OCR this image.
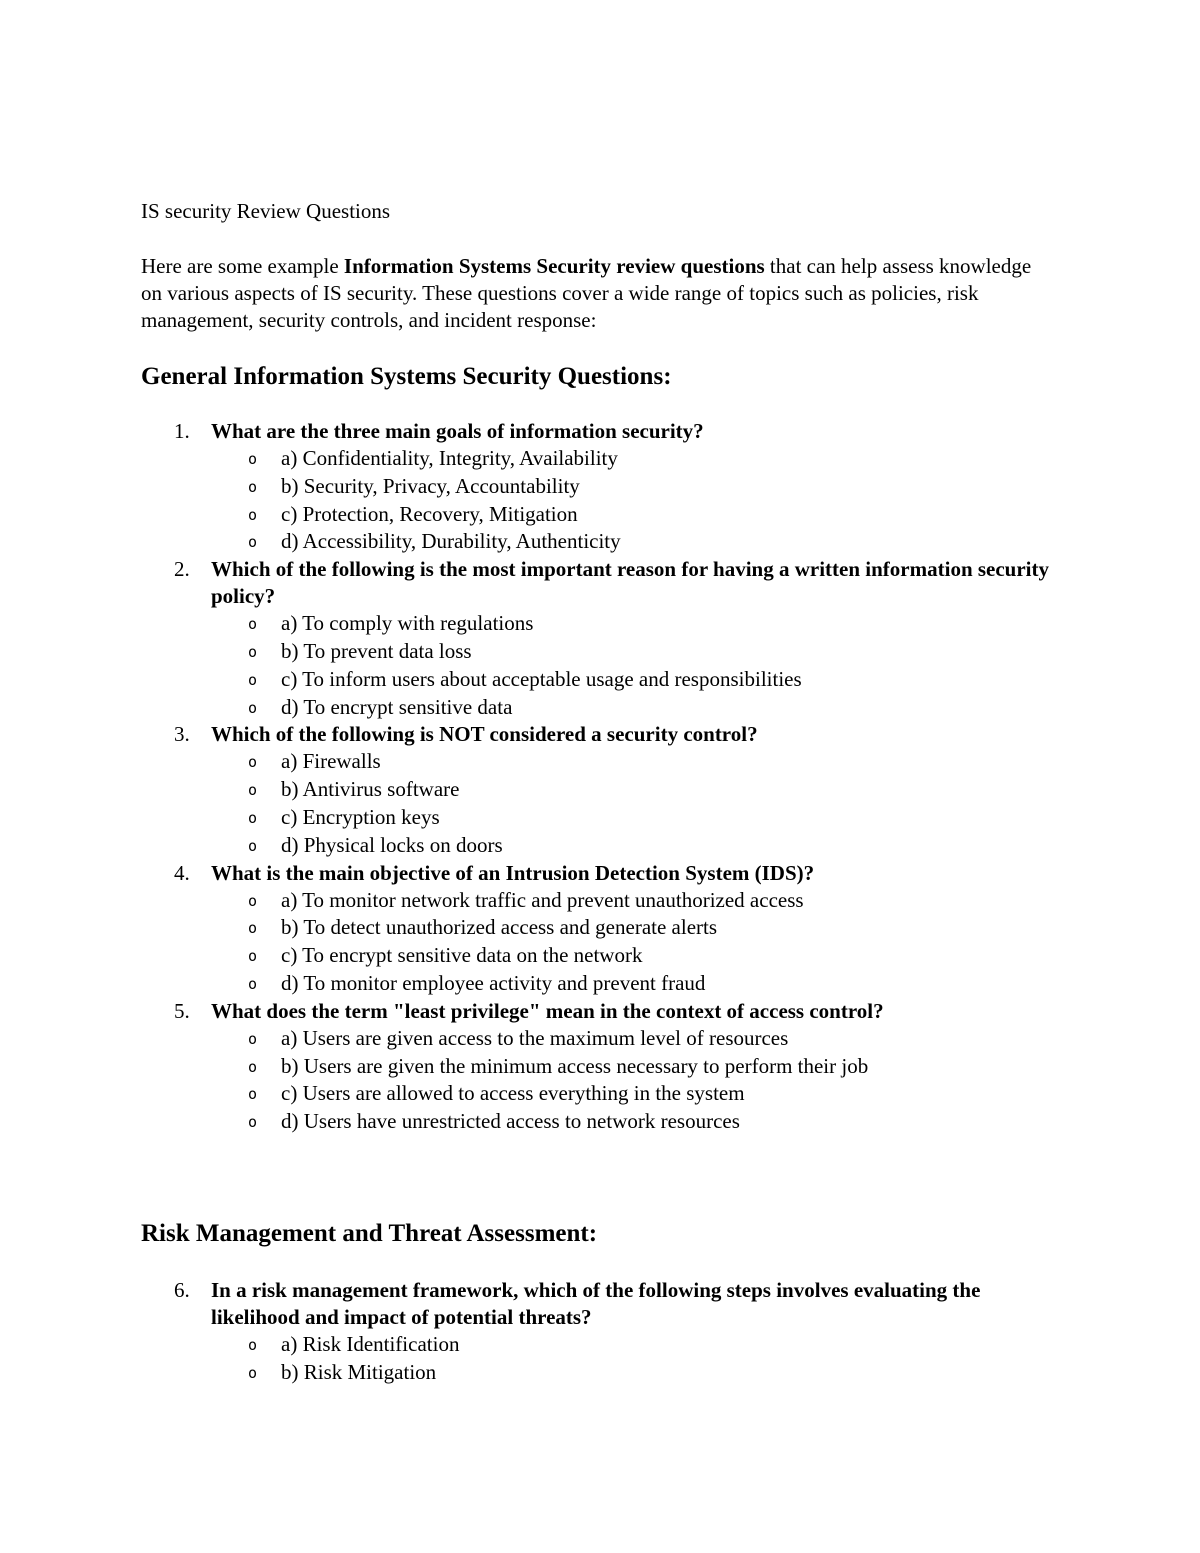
IS security Review Questions

Here are some example Information Systems Security review questions that can help assess knowledge on various aspects of IS security. These questions cover a wide range of topics such as policies, risk management, security controls, and incident response:

General Information Systems Security Questions:
1. What are the three main goals of information security?
o a) Confidentiality, Integrity, Availability
o b) Security, Privacy, Accountability
o c) Protection, Recovery, Mitigation
o d) Accessibility, Durability, Authenticity
2. Which of the following is the most important reason for having a written information security policy?
o a) To comply with regulations
o b) To prevent data loss
o c) To inform users about acceptable usage and responsibilities
o d) To encrypt sensitive data
3. Which of the following is NOT considered a security control?
o a) Firewalls
o b) Antivirus software
o c) Encryption keys
o d) Physical locks on doors
4. What is the main objective of an Intrusion Detection System (IDS)?
o a) To monitor network traffic and prevent unauthorized access
o b) To detect unauthorized access and generate alerts
o c) To encrypt sensitive data on the network
o d) To monitor employee activity and prevent fraud
5. What does the term "least privilege" mean in the context of access control?
o a) Users are given access to the maximum level of resources
o b) Users are given the minimum access necessary to perform their job
o c) Users are allowed to access everything in the system
o d) Users have unrestricted access to network resources
Risk Management and Threat Assessment:
6. In a risk management framework, which of the following steps involves evaluating the likelihood and impact of potential threats?
o a) Risk Identification
o b) Risk Mitigation
